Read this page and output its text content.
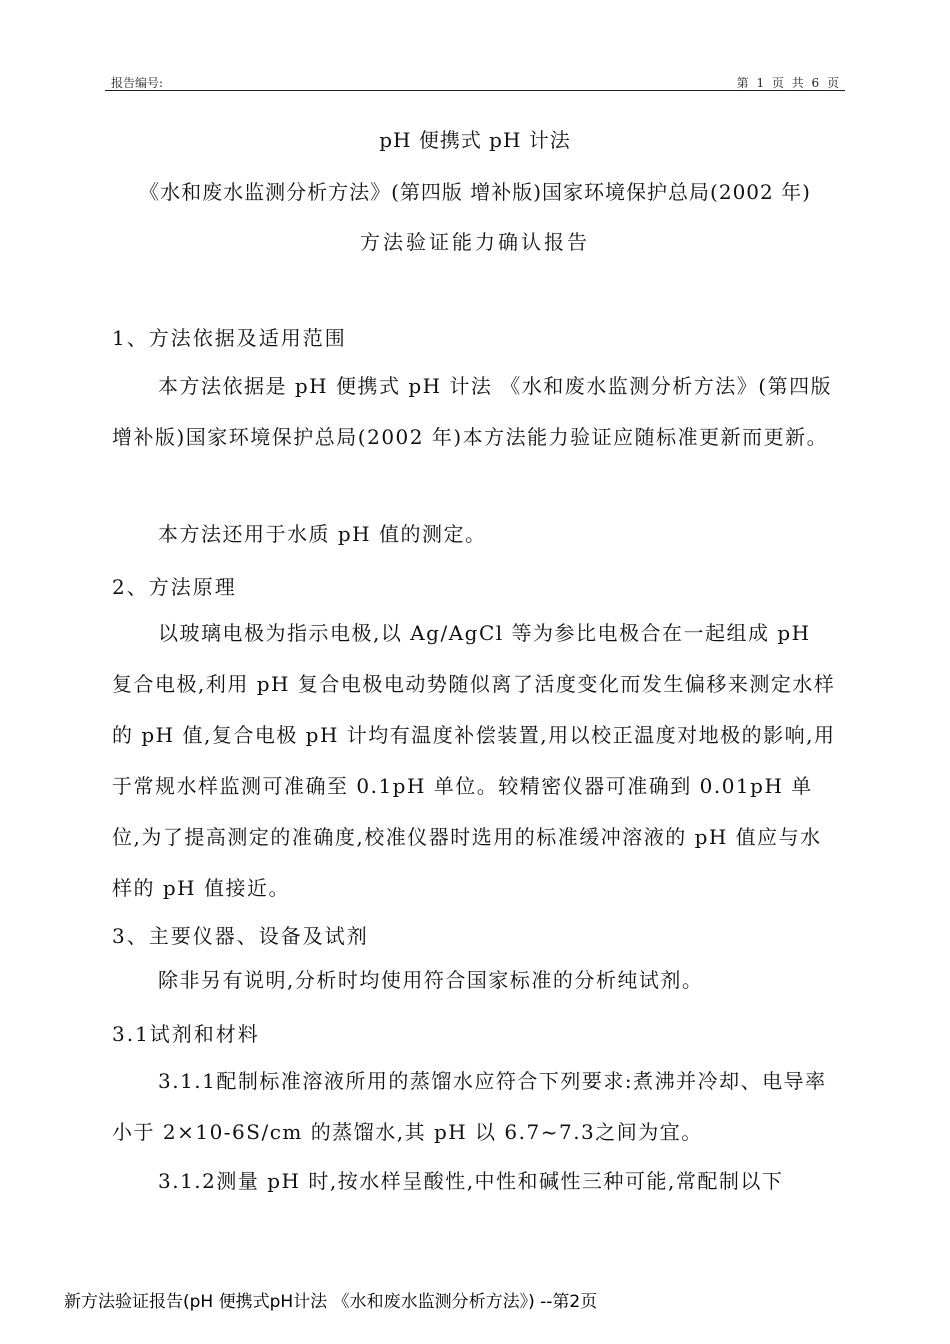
报告编号:	第 1 页 共 6 页
pH 便携式 pH 计法
《水和废水监测分析方法》(第四版 增补版)国家环境保护总局(2002 年)
方法验证能力确认报告
1、方法依据及适用范围
本方法依据是 pH 便携式 pH 计法 《水和废水监测分析方法》(第四版增补版)国家环境保护总局(2002 年)本方法能力验证应随标准更新而更新。
本方法还用于水质 pH 值的测定。
2、方法原理
以玻璃电极为指示电极,以 Ag/AgCl 等为参比电极合在一起组成 pH 复合电极,利用 pH 复合电极电动势随似离了活度变化而发生偏移来测定水样的 pH 值,复合电极 pH 计均有温度补偿装置,用以校正温度对地极的影响,用于常规水样监测可准确至 0.1pH 单位。较精密仪器可准确到 0.01pH 单位,为了提高测定的准确度,校准仪器时选用的标准缓冲溶液的 pH 值应与水样的 pH 值接近。
3、主要仪器、设备及试剂
除非另有说明,分析时均使用符合国家标准的分析纯试剂。
3.1试剂和材料
3.1.1配制标准溶液所用的蒸馏水应符合下列要求:煮沸并冷却、电导率小于 2×10-6S/cm 的蒸馏水,其 pH 以 6.7~7.3之间为宜。
3.1.2测量 pH 时,按水样呈酸性,中性和碱性三种可能,常配制以下
新方法验证报告(pH 便携式pH计法 《水和废水监测分析方法》) --第2页
